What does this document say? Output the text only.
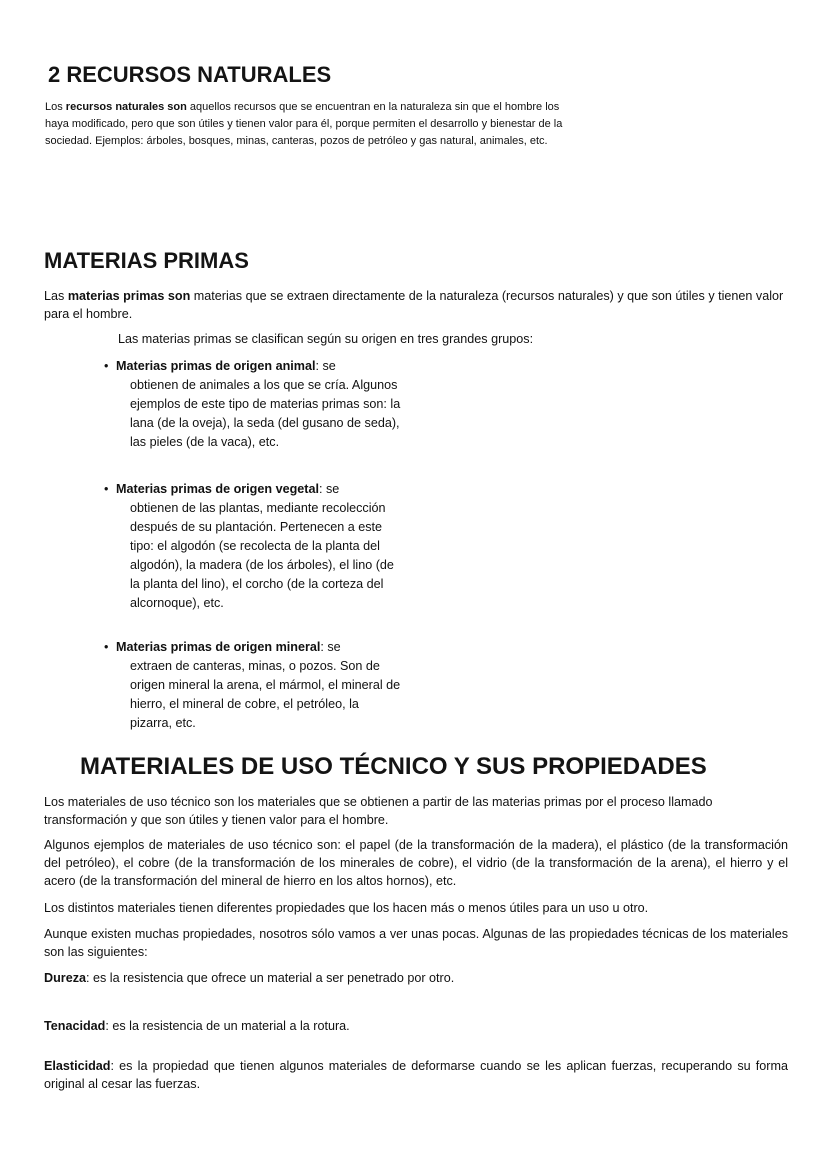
2 RECURSOS NATURALES

Los recursos naturales son aquellos recursos que se encuentran en la naturaleza sin que el hombre los haya modificado, pero que son útiles y tienen valor para él, porque permiten el desarrollo y bienestar de la sociedad. Ejemplos: árboles, bosques, minas, canteras, pozos de petróleo y gas natural, animales, etc.

MATERIAS PRIMAS

Las materias primas son materias que se extraen directamente de la naturaleza (recursos naturales) y que son útiles y tienen valor para el hombre.

Las materias primas se clasifican según su origen en tres grandes grupos:

• Materias primas de origen animal: se

obtienen de animales a los que se cría. Algunos ejemplos de este tipo de materias primas son: la lana (de la oveja), la seda (del gusano de seda), las pieles (de la vaca), etc.

• Materias primas de origen vegetal: se

obtienen de las plantas, mediante recolección después de su plantación. Pertenecen a este tipo: el algodón (se recolecta de la planta del algodón), la madera (de los árboles), el lino (de la planta del lino), el corcho (de la corteza del alcornoque), etc.

• Materias primas de origen mineral: se

extraen de canteras, minas, o pozos. Son de origen mineral la arena, el mármol, el mineral de hierro, el mineral de cobre, el petróleo, la pizarra, etc.

MATERIALES DE USO TÉCNICO Y SUS PROPIEDADES

Los materiales de uso técnico son los materiales que se obtienen a partir de las materias primas por el proceso llamado transformación y que son útiles y tienen valor para el hombre.

Algunos ejemplos de materiales de uso técnico son: el papel (de la transformación de la madera), el plástico (de la transformación del petróleo), el cobre (de la transformación de los minerales de cobre), el vidrio (de la transformación de la arena), el hierro y el acero (de la transformación del mineral de hierro en los altos hornos), etc.

Los distintos materiales tienen diferentes propiedades que los hacen más o menos útiles para un uso u otro.

Aunque existen muchas propiedades, nosotros sólo vamos a ver unas pocas. Algunas de las propiedades técnicas de los materiales son las siguientes:

Dureza: es la resistencia que ofrece un material a ser penetrado por otro.

Tenacidad: es la resistencia de un material a la rotura.

Elasticidad: es la propiedad que tienen algunos materiales de deformarse cuando se les aplican fuerzas, recuperando su forma original al cesar las fuerzas.
